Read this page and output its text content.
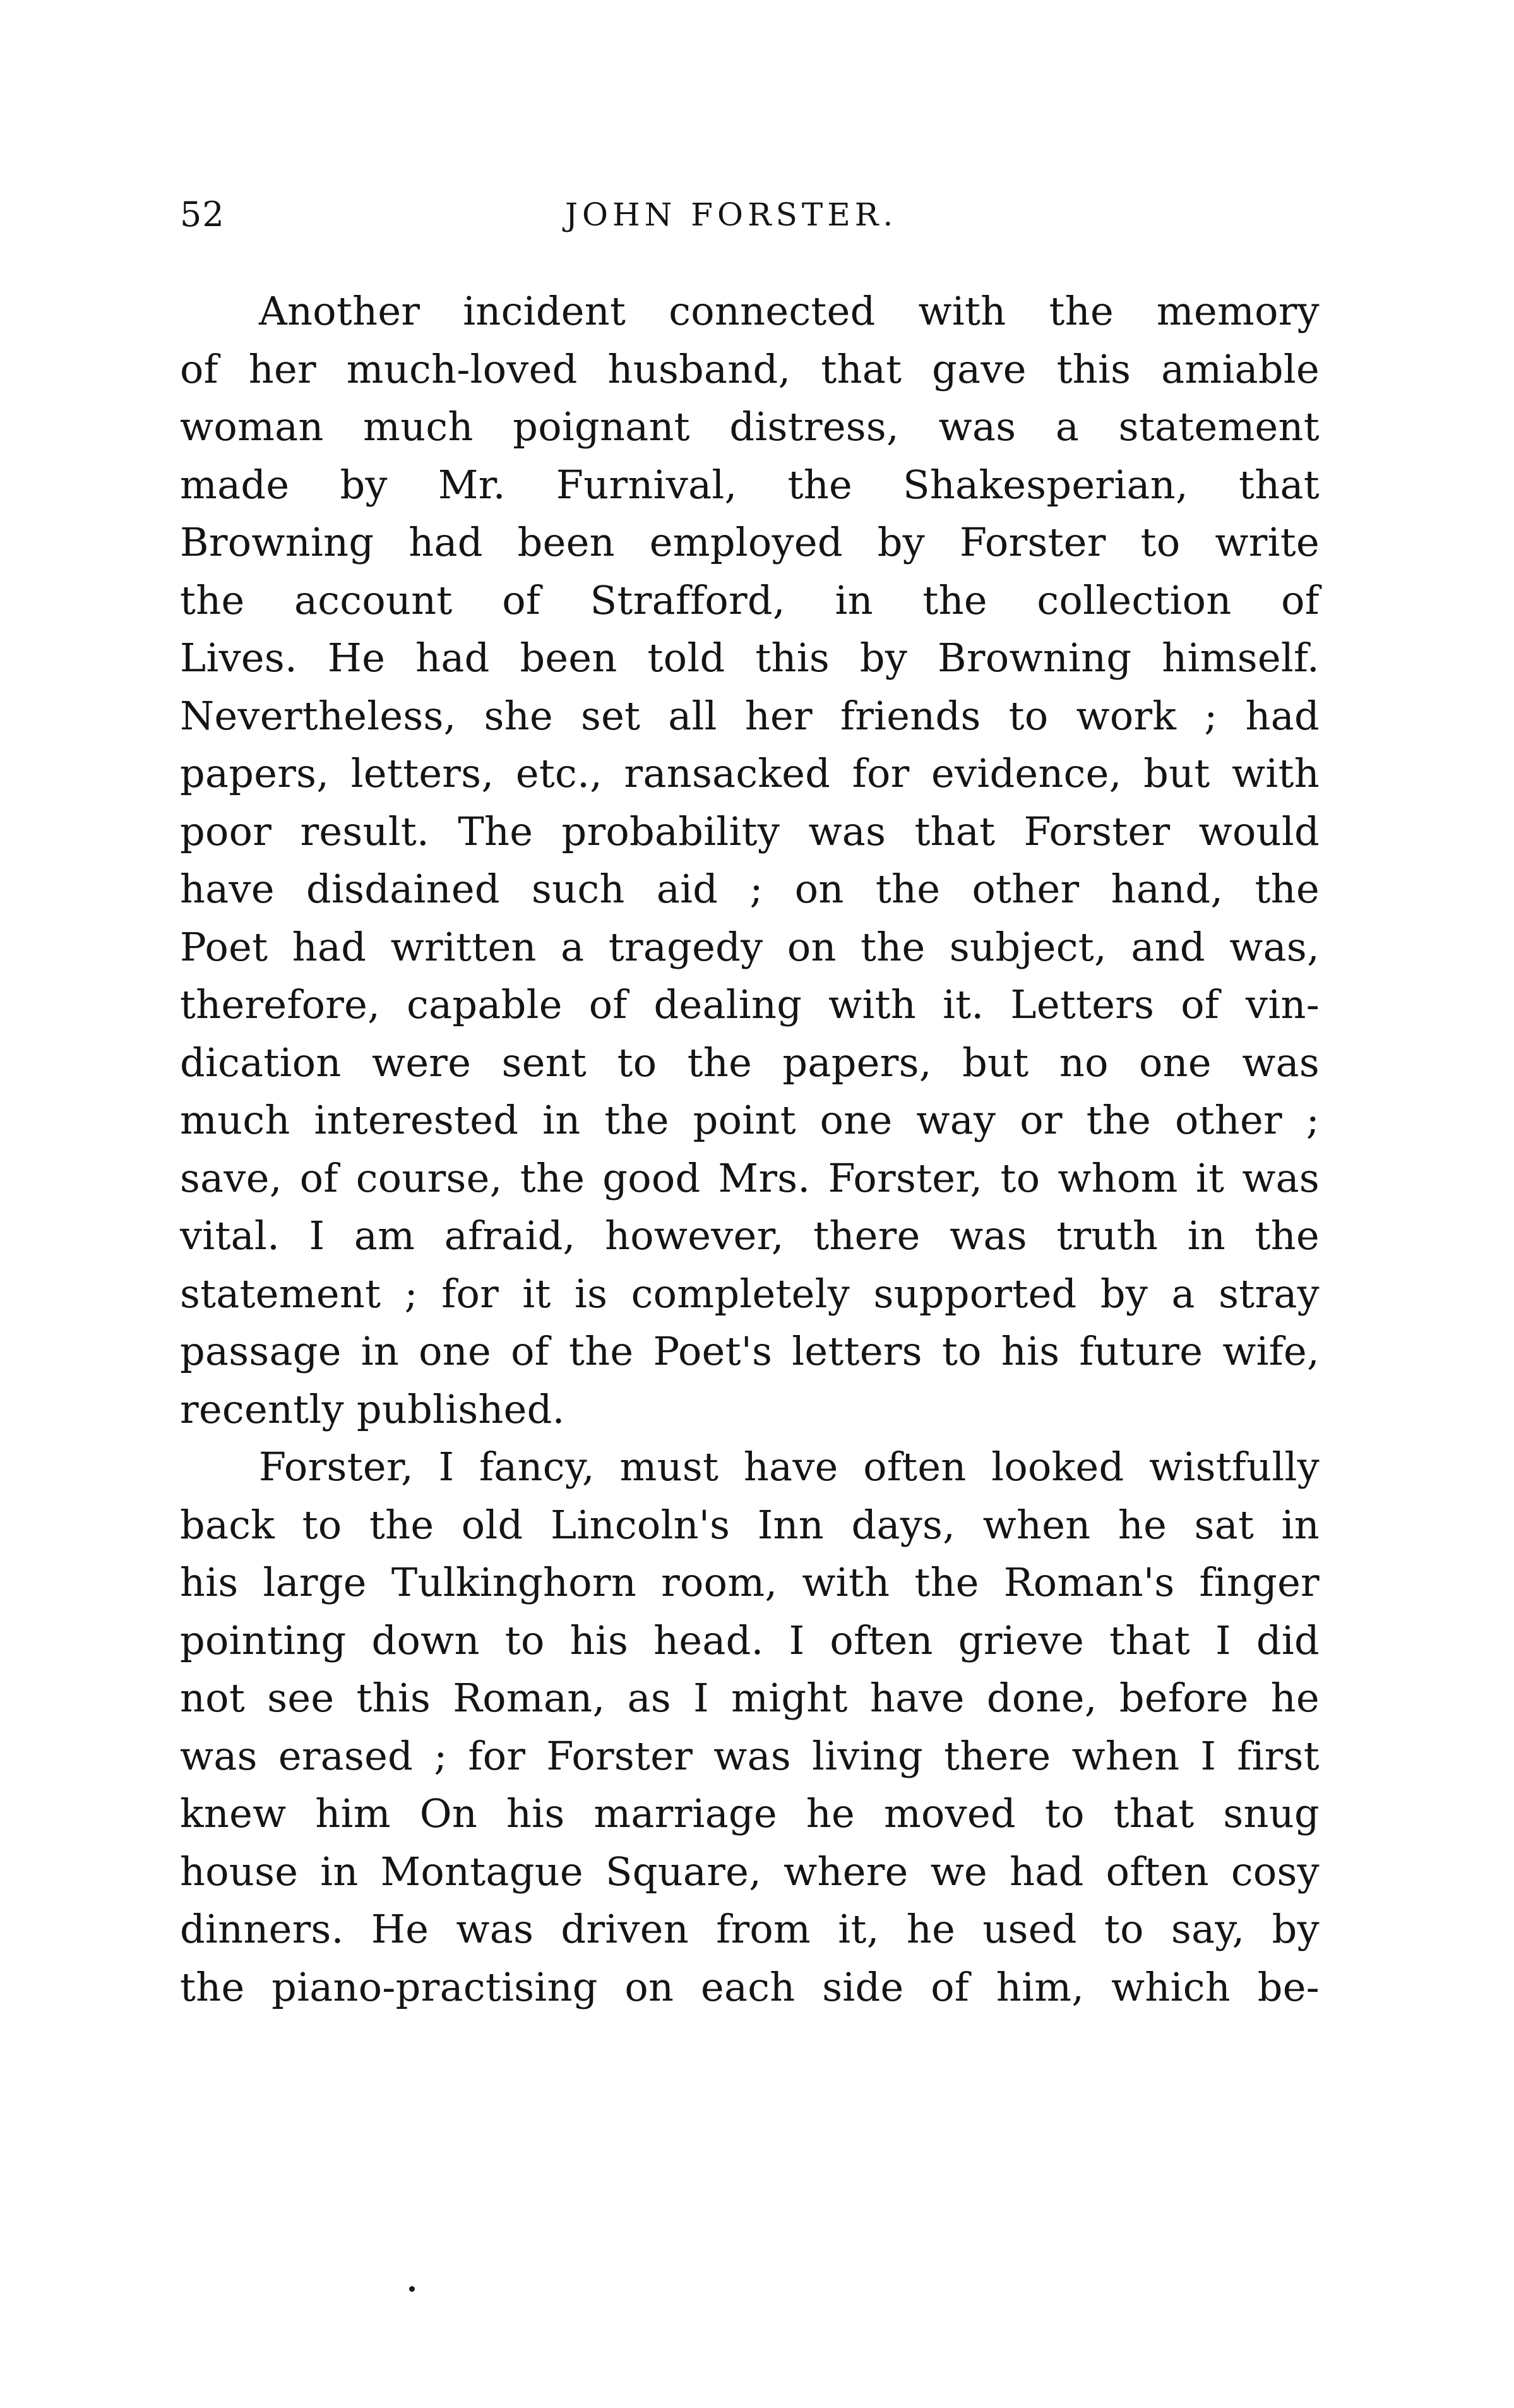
52	JOHN FORSTER.
Another incident connected with the memory
of her much-loved husband, that gave this amiable
woman much poignant distress, was a statement
made by Mr. Furnival, the Shakesperian, that
Browning had been employed by Forster to write
the account of Strafford, in the collection of
Lives. He had been told this by Browning himself.
Nevertheless, she set all her friends to work ; had
papers, letters, etc., ransacked for evidence, but with
poor result. The probability was that Forster would
have disdained such aid ; on the other hand, the
Poet had written a tragedy on the subject, and was,
therefore, capable of dealing with it. Letters of vin-
dication were sent to the papers, but no one was
much interested in the point one way or the other ;
save, of course, the good Mrs. Forster, to whom it was
vital. I am afraid, however, there was truth in the
statement ; for it is completely supported by a stray
passage in one of the Poet's letters to his future wife,
recently published.
Forster, I fancy, must have often looked wistfully
back to the old Lincoln's Inn days, when he sat in
his large Tulkinghorn room, with the Roman's finger
pointing down to his head. I often grieve that I did
not see this Roman, as I might have done, before he
was erased ; for Forster was living there when I first
knew him On his marriage he moved to that snug
house in Montague Square, where we had often cosy
dinners. He was driven from it, he used to say, by
the piano-practising on each side of him, which be-
